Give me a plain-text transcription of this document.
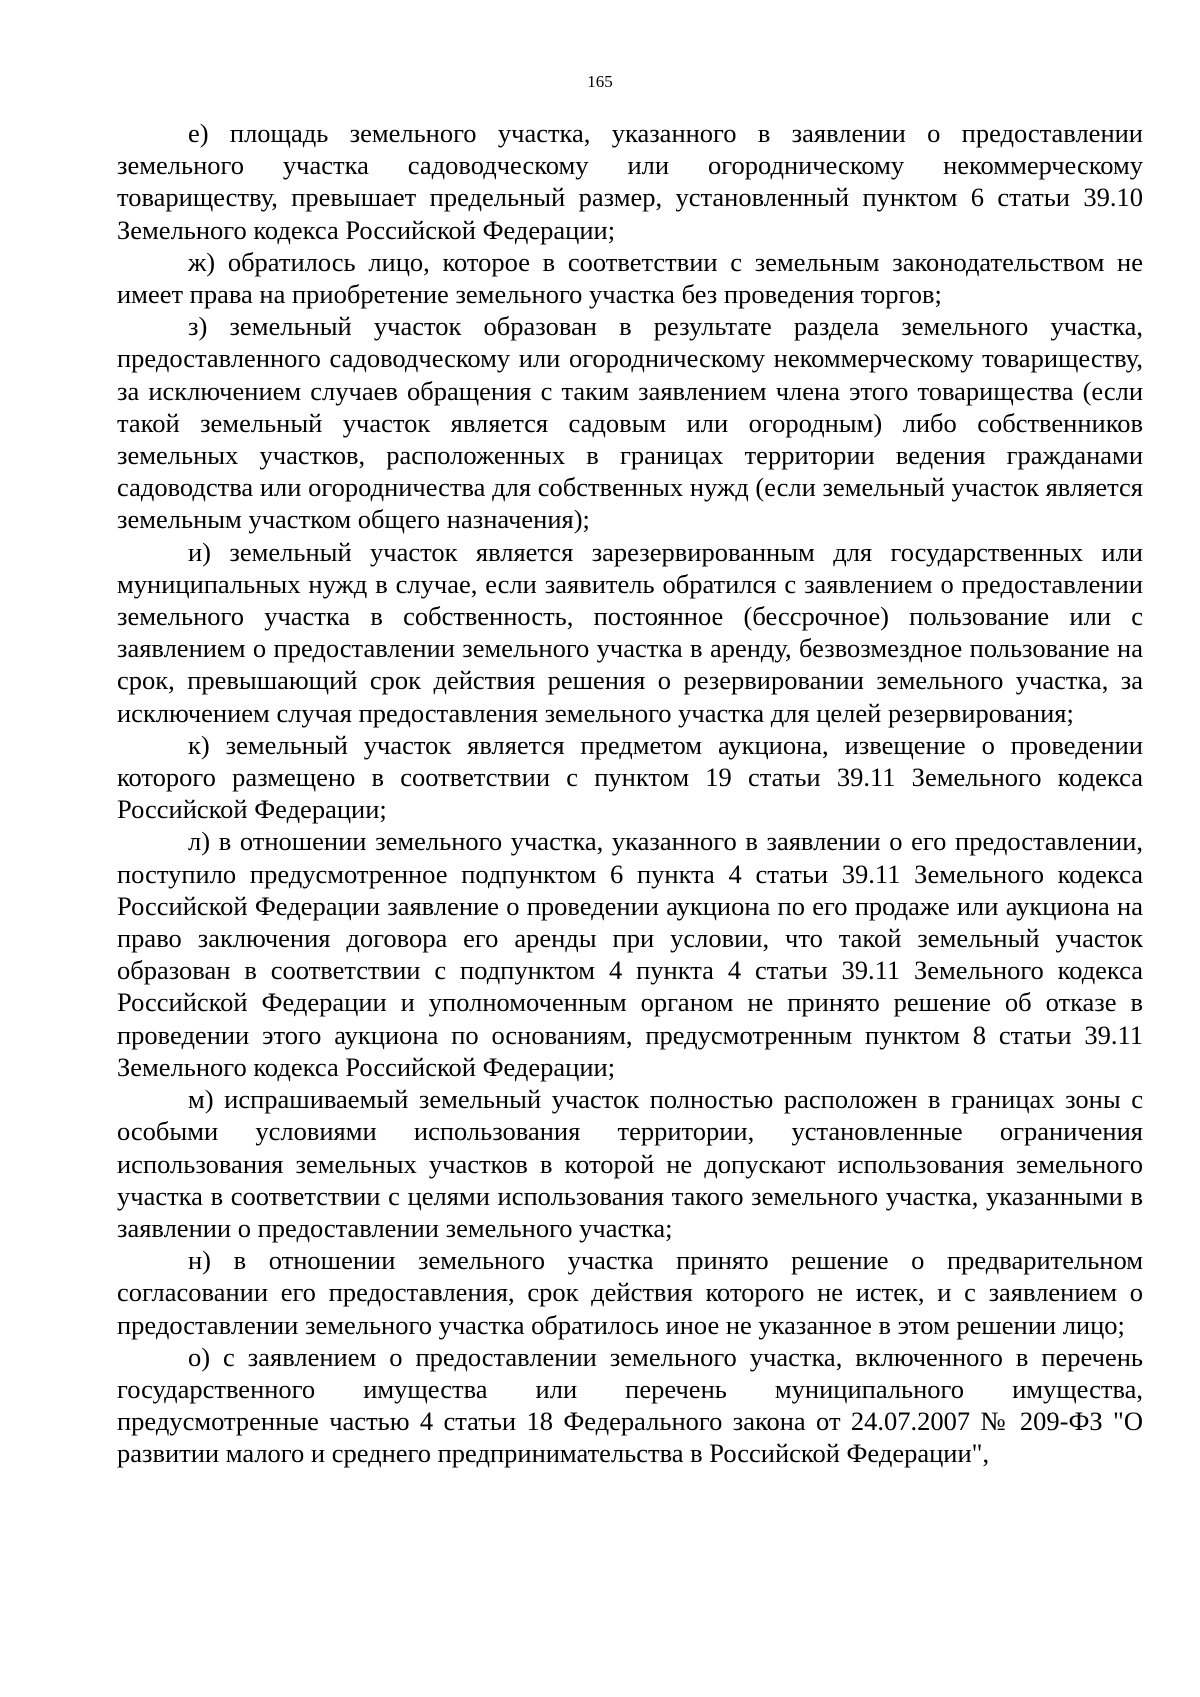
165

е) площадь земельного участка, указанного в заявлении о предоставлении земельного участка садоводческому или огородническому некоммерческому товариществу, превышает предельный размер, установленный пунктом 6 статьи 39.10 Земельного кодекса Российской Федерации;

ж) обратилось лицо, которое в соответствии с земельным законодательством не имеет права на приобретение земельного участка без проведения торгов;

з) земельный участок образован в результате раздела земельного участка, предоставленного садоводческому или огородническому некоммерческому товариществу, за исключением случаев обращения с таким заявлением члена этого товарищества (если такой земельный участок является садовым или огородным) либо собственников земельных участков, расположенных в границах территории ведения гражданами садоводства или огородничества для собственных нужд (если земельный участок является земельным участком общего назначения);

и) земельный участок является зарезервированным для государственных или муниципальных нужд в случае, если заявитель обратился с заявлением о предоставлении земельного участка в собственность, постоянное (бессрочное) пользование или с заявлением о предоставлении земельного участка в аренду, безвозмездное пользование на срок, превышающий срок действия решения о резервировании земельного участка, за исключением случая предоставления земельного участка для целей резервирования;

к) земельный участок является предметом аукциона, извещение о проведении которого размещено в соответствии с пунктом 19 статьи 39.11 Земельного кодекса Российской Федерации;

л) в отношении земельного участка, указанного в заявлении о его предоставлении, поступило предусмотренное подпунктом 6 пункта 4 статьи 39.11 Земельного кодекса Российской Федерации заявление о проведении аукциона по его продаже или аукциона на право заключения договора его аренды при условии, что такой земельный участок образован в соответствии с подпунктом 4 пункта 4 статьи 39.11 Земельного кодекса Российской Федерации и уполномоченным органом не принято решение об отказе в проведении этого аукциона по основаниям, предусмотренным пунктом 8 статьи 39.11 Земельного кодекса Российской Федерации;

м) испрашиваемый земельный участок полностью расположен в границах зоны с особыми условиями использования территории, установленные ограничения использования земельных участков в которой не допускают использования земельного участка в соответствии с целями использования такого земельного участка, указанными в заявлении о предоставлении земельного участка;

н) в отношении земельного участка принято решение о предварительном согласовании его предоставления, срок действия которого не истек, и с заявлением о предоставлении земельного участка обратилось иное не указанное в этом решении лицо;

о) с заявлением о предоставлении земельного участка, включенного в перечень государственного имущества или перечень муниципального имущества, предусмотренные частью 4 статьи 18 Федерального закона от 24.07.2007 № 209-ФЗ "О развитии малого и среднего предпринимательства в Российской Федерации",
